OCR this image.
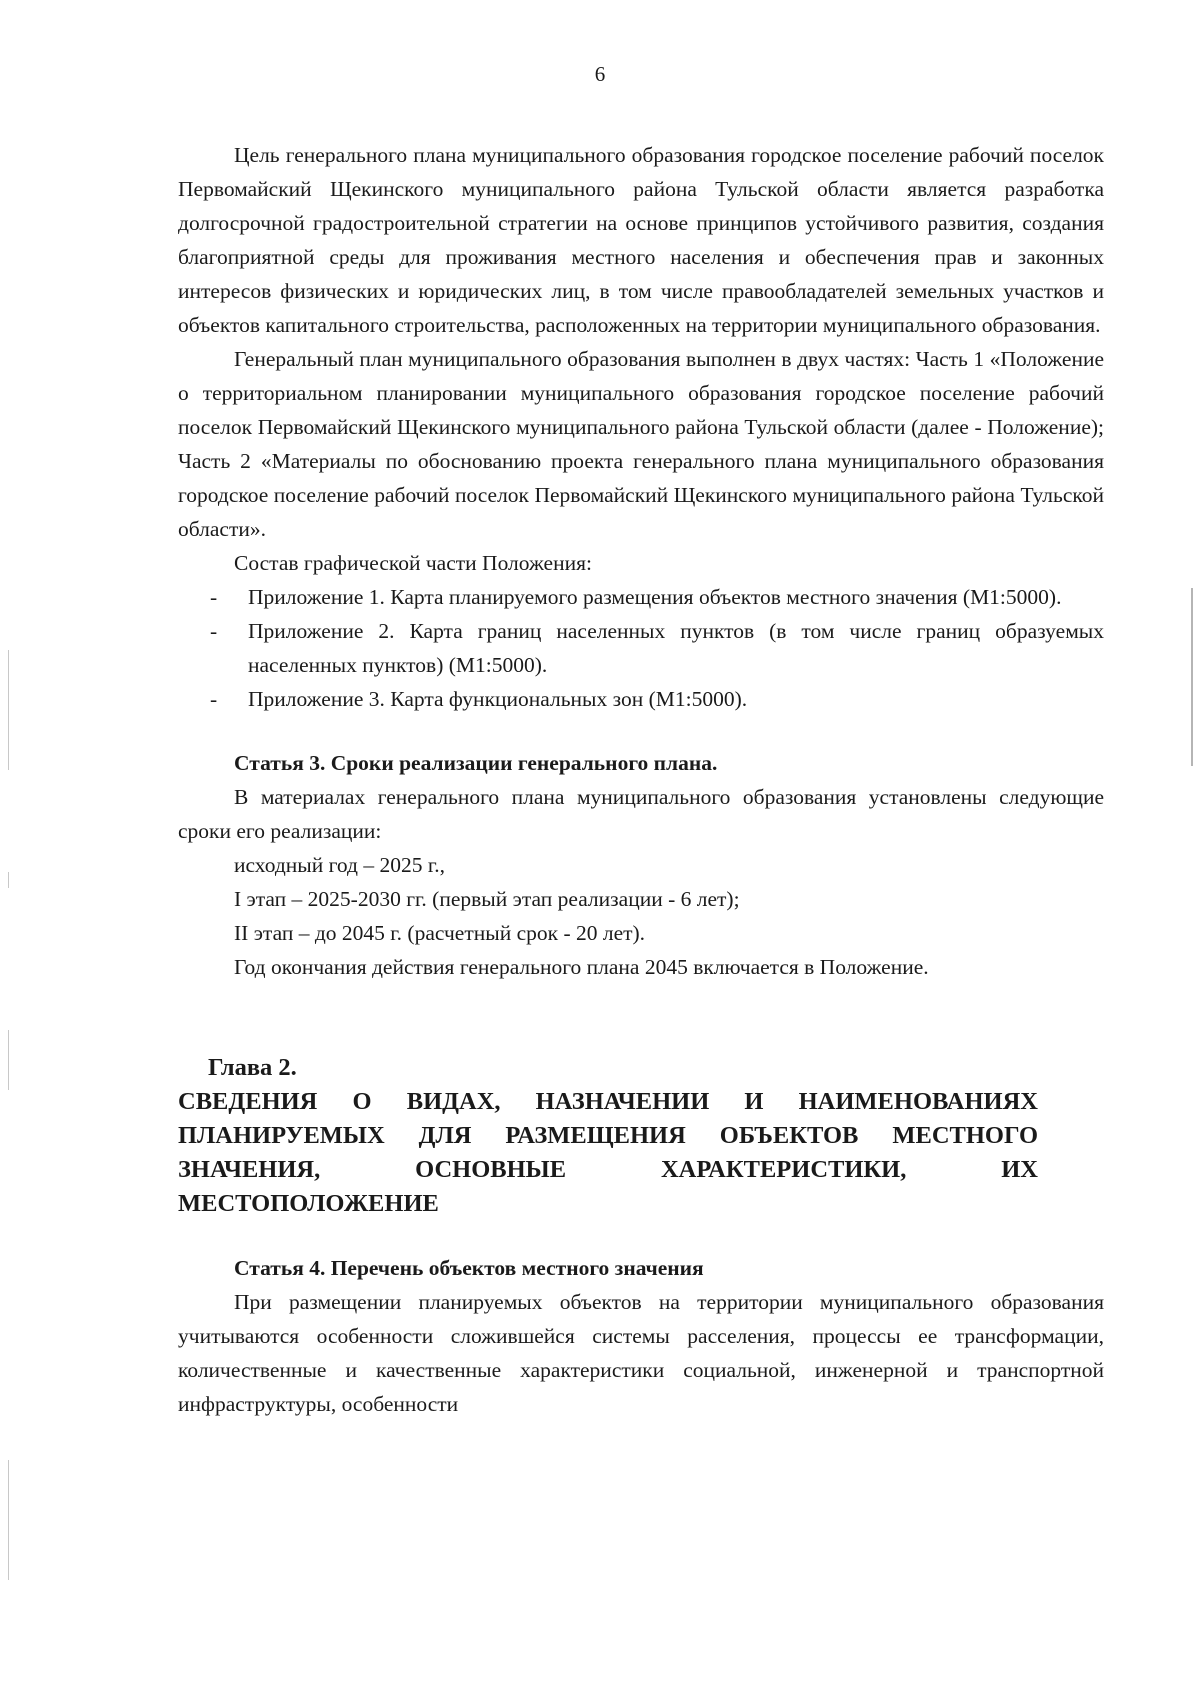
6

Цель генерального плана муниципального образования городское поселение рабочий поселок Первомайский Щекинского муниципального района Тульской области является разработка долгосрочной градостроительной стратегии на основе принципов устойчивого развития, создания благоприятной среды для проживания местного населения и обеспечения прав и законных интересов физических и юридических лиц, в том числе правообладателей земельных участков и объектов капитального строительства, расположенных на территории муниципального образования.

Генеральный план муниципального образования выполнен в двух частях: Часть 1 «Положение о территориальном планировании муниципального образования городское поселение рабочий поселок Первомайский Щекинского муниципального района Тульской области (далее - Положение); Часть 2 «Материалы по обоснованию проекта генерального плана муниципального образования городское поселение рабочий поселок Первомайский Щекинского муниципального района Тульской области».

Состав графической части Положения:

- Приложение 1. Карта планируемого размещения объектов местного значения (М1:5000).
- Приложение 2. Карта границ населенных пунктов (в том числе границ образуемых населенных пунктов) (М1:5000).
- Приложение 3. Карта функциональных зон (М1:5000).

Статья 3. Сроки реализации генерального плана.

В материалах генерального плана муниципального образования установлены следующие сроки его реализации:

исходный год – 2025 г.,

I этап – 2025-2030 гг. (первый этап реализации - 6 лет);

II этап – до 2045 г. (расчетный срок - 20 лет).

Год окончания действия генерального плана 2045 включается в Положение.

Глава 2.

СВЕДЕНИЯ О ВИДАХ, НАЗНАЧЕНИИ И НАИМЕНОВАНИЯХ ПЛАНИРУЕМЫХ ДЛЯ РАЗМЕЩЕНИЯ ОБЪЕКТОВ МЕСТНОГО ЗНАЧЕНИЯ, ОСНОВНЫЕ ХАРАКТЕРИСТИКИ, ИХ МЕСТОПОЛОЖЕНИЕ

Статья 4. Перечень объектов местного значения

При размещении планируемых объектов на территории муниципального образования учитываются особенности сложившейся системы расселения, процессы ее трансформации, количественные и качественные характеристики социальной, инженерной и транспортной инфраструктуры, особенности
